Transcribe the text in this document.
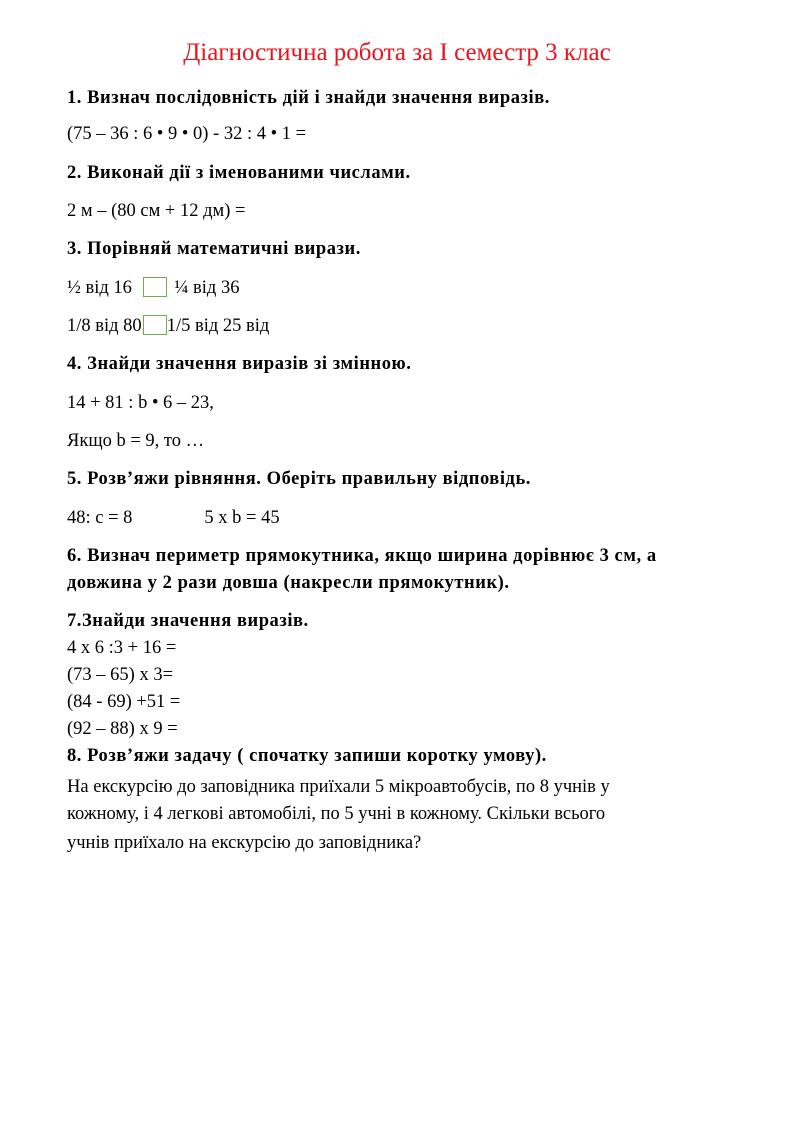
Діагностична робота за I семестр 3 клас
1. Визнач послідовність дій і знайди значення виразів.
(75 – 36 : 6 • 9 • 0) - 32 : 4 • 1 =
2. Виконай дії з іменованими числами.
2 м – (80 см + 12 дм) =
3. Порівняй математичні вирази.
½ від 16 ¼ від 36
1/8 від 80 1/5 від 25 від
4. Знайди значення виразів зі змінною.
14 + 81 : b • 6 – 23,
Якщо b = 9, то …
5. Розв’яжи рівняння. Оберіть правильну відповідь.
48: с = 8	5 х b = 45
6. Визнач периметр прямокутника, якщо ширина дорівнює 3 см, а
довжина у 2 рази довша (накресли прямокутник).
7.Знайди значення виразів.
4 х 6 :3 + 16 =
(73 – 65) х 3=
(84 - 69) +51 =
(92 – 88) х 9 =
8. Розв’яжи задачу ( спочатку запиши коротку умову).
На екскурсію до заповідника приїхали 5 мікроавтобусів, по 8 учнів у
кожному, і 4 легкові автомобілі, по 5 учні в кожному. Скільки всього
учнів приїхало на екскурсію до заповідника?
